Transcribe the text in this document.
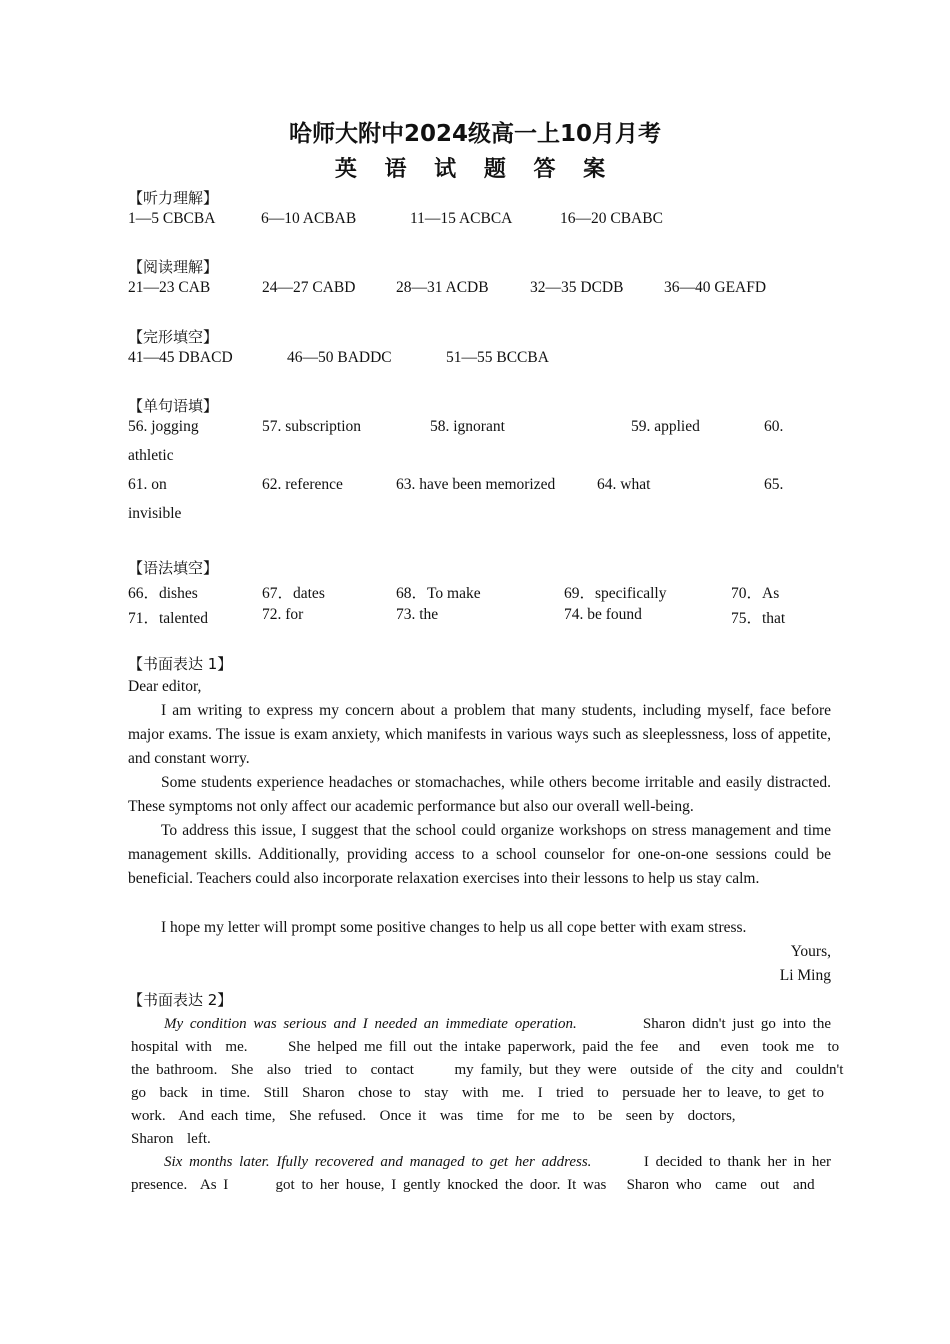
哈师大附中2024级高一上10月月考
英 语 试 题 答 案
【听力理解】
1—5 CBCBA	6—10 ACBAB	11—15 ACBCA	16—20 CBABC
【阅读理解】
21—23 CAB	24—27 CABD	28—31 ACDB	32—35 DCDB	36—40 GEAFD
【完形填空】
41—45 DBACD	46—50 BADDC	51—55 BCCBA
【单句语填】
56. jogging	57. subscription	58. ignorant	59. applied	60.
athletic
61. on	62. reference	63. have been memorized	64. what	65.
invisible
【语法填空】
66．dishes	67．dates	68．To make	69．specifically	70．As
71．talented	72. for	73. the	74. be found	75．that
【书面表达 1】
Dear editor,
I am writing to express my concern about a problem that many students, including myself, face before major exams. The issue is exam anxiety, which manifests in various ways such as sleeplessness, loss of appetite, and constant worry.
Some students experience headaches or stomachaches, while others become irritable and easily distracted. These symptoms not only affect our academic performance but also our overall well-being.
To address this issue, I suggest that the school could organize workshops on stress management and time management skills. Additionally, providing access to a school counselor for one-on-one sessions could be beneficial. Teachers could also incorporate relaxation exercises into their lessons to help us stay calm.
I hope my letter will prompt some positive changes to help us all cope better with exam stress.
Yours,
Li Ming
【书面表达 2】
My condition was serious and I needed an immediate operation.	Sharon didn't just go into the
hospital with  me.      She helped me fill out the intake paperwork, paid the fee   and   even  took me  to
the bathroom.  She  also  tried  to  contact      my family, but they were  outside of  the city and  couldn't
go  back  in time.  Still  Sharon  chose to  stay  with  me.  I  tried  to  persuade her to leave, to get to
work.  And each time,  She refused.  Once it  was  time  for me  to  be  seen by  doctors,
Sharon  left.
Six months later. Ifully recovered and managed to get her address.	I decided to thank her in her
presence.  As I       got to her house, I gently knocked the door. It was   Sharon who  came  out  and
